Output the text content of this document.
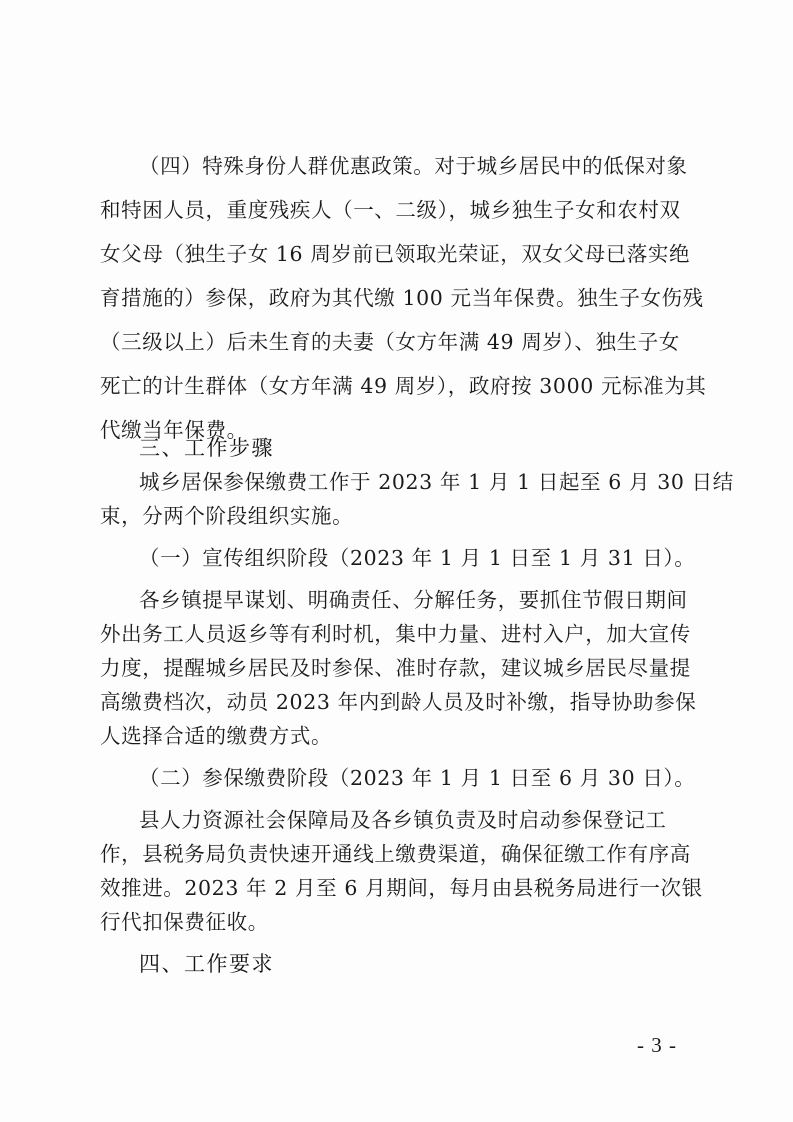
（四）特殊身份人群优惠政策。对于城乡居民中的低保对象
和特困人员，重度残疾人（一、二级），城乡独生子女和农村双
女父母（独生子女 16 周岁前已领取光荣证，双女父母已落实绝
育措施的）参保，政府为其代缴 100 元当年保费。独生子女伤残
（三级以上）后未生育的夫妻（女方年满 49 周岁）、独生子女
死亡的计生群体（女方年满 49 周岁），政府按 3000 元标准为其
代缴当年保费。
三、工作步骤
城乡居保参保缴费工作于 2023 年 1 月 1 日起至 6 月 30 日结
束，分两个阶段组织实施。
（一）宣传组织阶段（2023 年 1 月 1 日至 1 月 31 日）。
各乡镇提早谋划、明确责任、分解任务，要抓住节假日期间
外出务工人员返乡等有利时机，集中力量、进村入户，加大宣传
力度，提醒城乡居民及时参保、准时存款，建议城乡居民尽量提
高缴费档次，动员 2023 年内到龄人员及时补缴，指导协助参保
人选择合适的缴费方式。
（二）参保缴费阶段（2023 年 1 月 1 日至 6 月 30 日）。
县人力资源社会保障局及各乡镇负责及时启动参保登记工
作，县税务局负责快速开通线上缴费渠道，确保征缴工作有序高
效推进。2023 年 2 月至 6 月期间，每月由县税务局进行一次银
行代扣保费征收。
四、工作要求
- 3 -
